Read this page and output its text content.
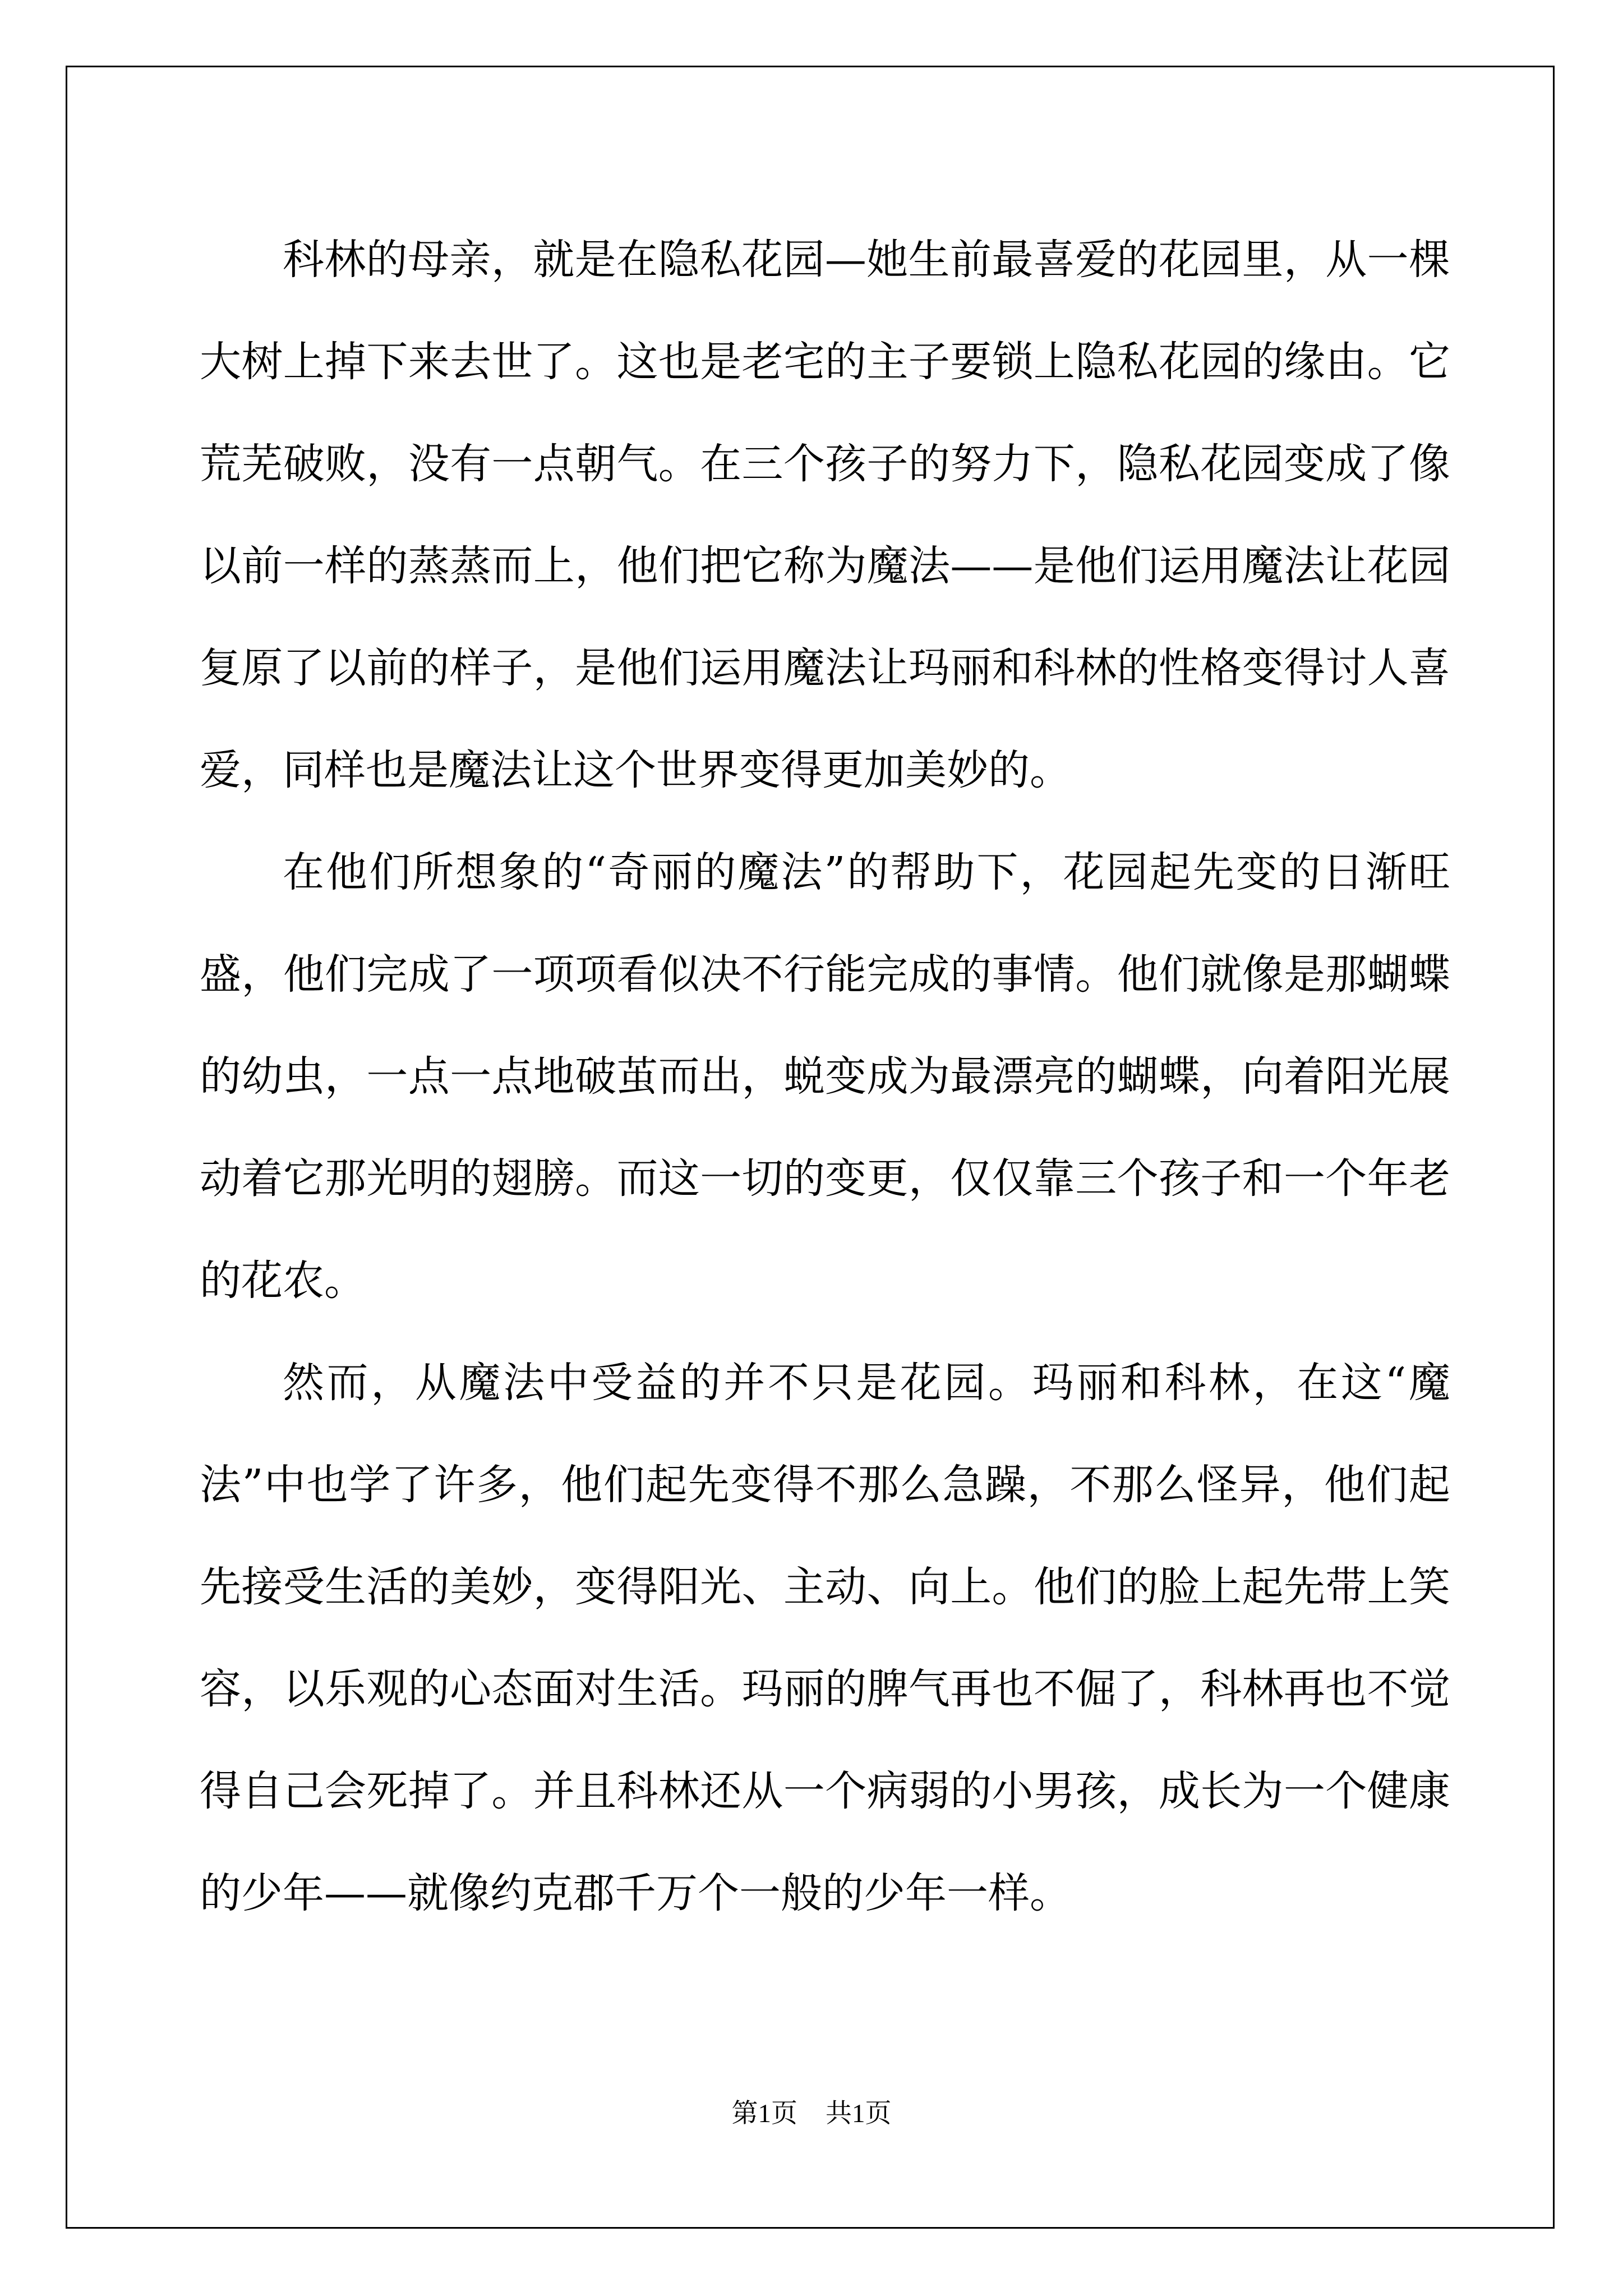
科林的母亲，就是在隐私花园—她生前最喜爱的花园里，从一棵大树上掉下来去世了。这也是老宅的主子要锁上隐私花园的缘由。它荒芜破败，没有一点朝气。在三个孩子的努力下，隐私花园变成了像以前一样的蒸蒸而上，他们把它称为魔法——是他们运用魔法让花园复原了以前的样子，是他们运用魔法让玛丽和科林的性格变得讨人喜爱，同样也是魔法让这个世界变得更加美妙的。

在他们所想象的“奇丽的魔法”的帮助下，花园起先变的日渐旺盛，他们完成了一项项看似决不行能完成的事情。他们就像是那蝴蝶的幼虫，一点一点地破茧而出，蜕变成为最漂亮的蝴蝶，向着阳光展动着它那光明的翅膀。而这一切的变更，仅仅靠三个孩子和一个年老的花农。

然而，从魔法中受益的并不只是花园。玛丽和科林，在这“魔法”中也学了许多，他们起先变得不那么急躁，不那么怪异，他们起先接受生活的美妙，变得阳光、主动、向上。他们的脸上起先带上笑容，以乐观的心态面对生活。玛丽的脾气再也不倔了，科林再也不觉得自己会死掉了。并且科林还从一个病弱的小男孩，成长为一个健康的少年——就像约克郡千万个一般的少年一样。

第1页 共1页
